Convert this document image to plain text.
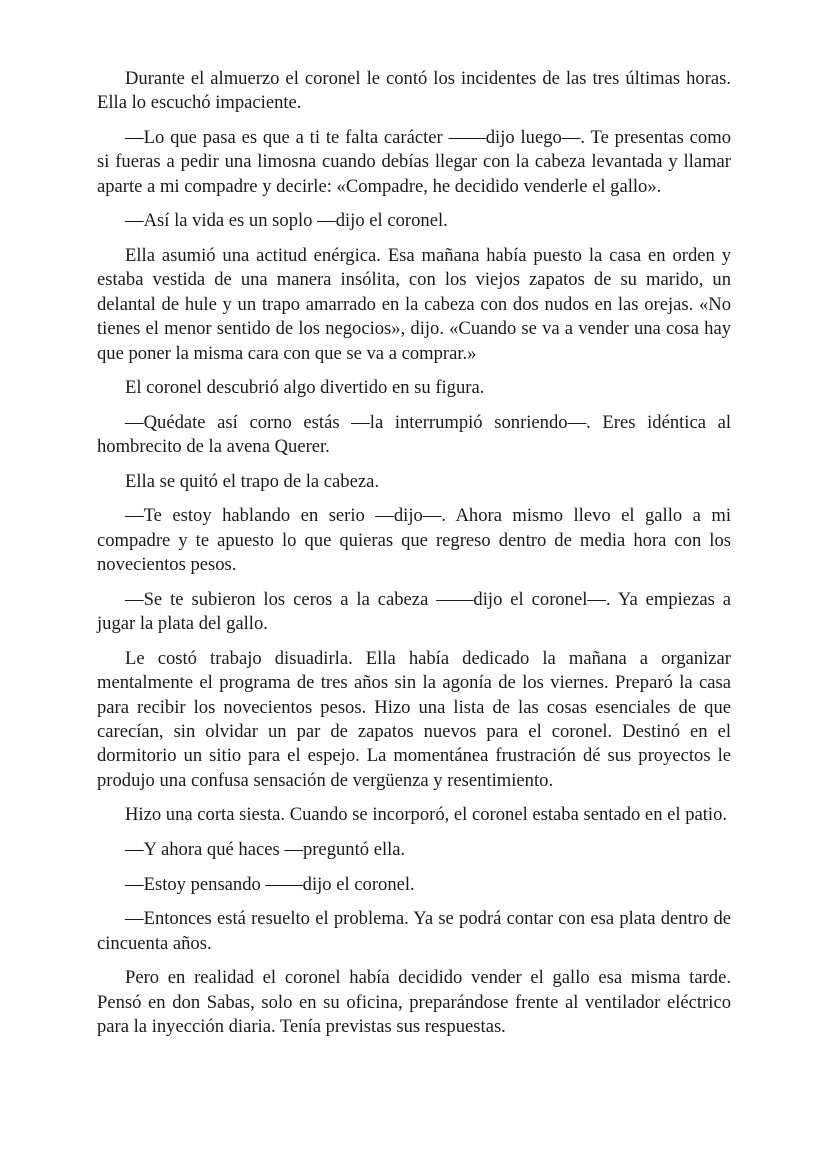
Durante el almuerzo el coronel le contó los incidentes de las tres últimas horas. Ella lo escuchó impaciente.

—Lo que pasa es que a ti te falta carácter ——dijo luego—. Te presentas como si fueras a pedir una limosna cuando debías llegar con la cabeza levantada y llamar aparte a mi compadre y decirle: «Compadre, he decidido venderle el gallo».

—Así la vida es un soplo —dijo el coronel.

Ella asumió una actitud enérgica. Esa mañana había puesto la casa en orden y estaba vestida de una manera insólita, con los viejos zapatos de su marido, un delantal de hule y un trapo amarrado en la cabeza con dos nudos en las orejas. «No tienes el menor sentido de los negocios», dijo. «Cuando se va a vender una cosa hay que poner la misma cara con que se va a comprar.»

El coronel descubrió algo divertido en su figura.

—Quédate así corno estás —la interrumpió sonriendo—. Eres idéntica al hombrecito de la avena Querer.

Ella se quitó el trapo de la cabeza.

—Te estoy hablando en serio —dijo—. Ahora mismo llevo el gallo a mi compadre y te apuesto lo que quieras que regreso dentro de media hora con los novecientos pesos.

—Se te subieron los ceros a la cabeza ——dijo el coronel—. Ya empiezas a jugar la plata del gallo.

Le costó trabajo disuadirla. Ella había dedicado la mañana a organizar mentalmente el programa de tres años sin la agonía de los viernes. Preparó la casa para recibir los novecientos pesos. Hizo una lista de las cosas esenciales de que carecían, sin olvidar un par de zapatos nuevos para el coronel. Destinó en el dormitorio un sitio para el espejo. La momentánea frustración dé sus proyectos le produjo una confusa sensación de vergüenza y resentimiento.

Hizo una corta siesta. Cuando se incorporó, el coronel estaba sentado en el patio.

—Y ahora qué haces —preguntó ella.

—Estoy pensando ——dijo el coronel.

—Entonces está resuelto el problema. Ya se podrá contar con esa plata dentro de cincuenta años.

Pero en realidad el coronel había decidido vender el gallo esa misma tarde. Pensó en don Sabas, solo en su oficina, preparándose frente al ventilador eléctrico para la inyección diaria. Tenía previstas sus respuestas.
